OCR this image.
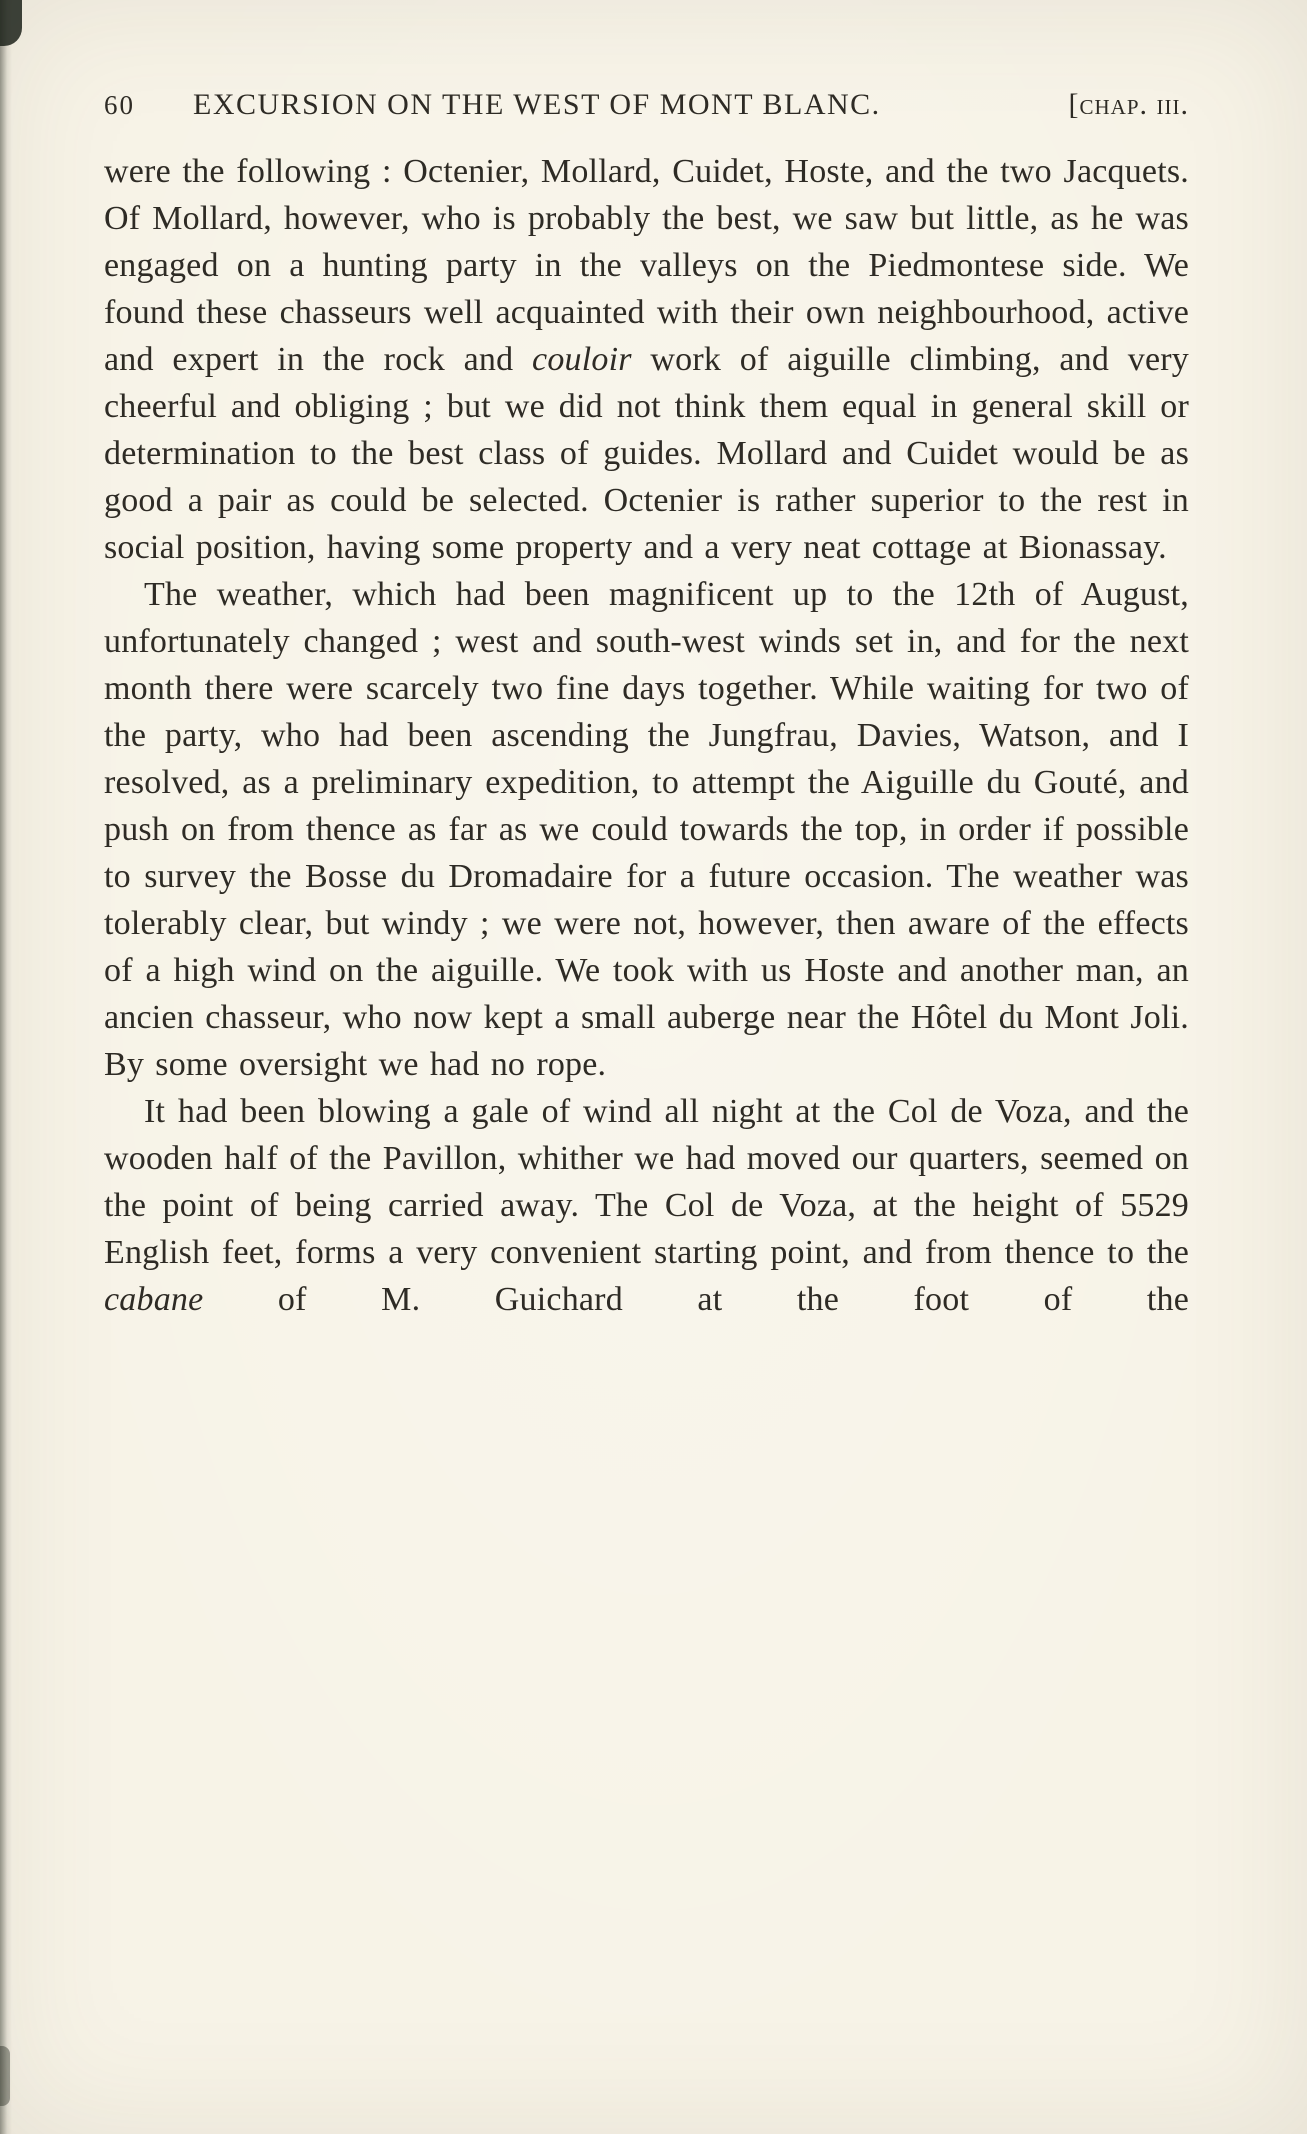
60 EXCURSION ON THE WEST OF MONT BLANC.	[chap. iii.

were the following : Octenier, Mollard, Cuidet, Hoste, and the two Jacquets. Of Mollard, however, who is probably the best, we saw but little, as he was engaged on a hunting party in the valleys on the Piedmontese side. We found these chasseurs well acquainted with their own neighbourhood, active and expert in the rock and couloir work of aiguille climbing, and very cheerful and obliging ; but we did not think them equal in general skill or determination to the best class of guides. Mollard and Cuidet would be as good a pair as could be selected. Octenier is rather superior to the rest in social position, having some property and a very neat cottage at Bionassay.

The weather, which had been magnificent up to the 12th of August, unfortunately changed ; west and south-west winds set in, and for the next month there were scarcely two fine days together. While waiting for two of the party, who had been ascending the Jungfrau, Davies, Watson, and I resolved, as a preliminary expedition, to attempt the Aiguille du Gouté, and push on from thence as far as we could towards the top, in order if possible to survey the Bosse du Dromadaire for a future occasion. The weather was tolerably clear, but windy ; we were not, however, then aware of the effects of a high wind on the aiguille. We took with us Hoste and another man, an ancien chasseur, who now kept a small auberge near the Hôtel du Mont Joli. By some oversight we had no rope.

It had been blowing a gale of wind all night at the Col de Voza, and the wooden half of the Pavillon, whither we had moved our quarters, seemed on the point of being carried away. The Col de Voza, at the height of 5529 English feet, forms a very convenient starting point, and from thence to the cabane of M. Guichard at the foot of the
